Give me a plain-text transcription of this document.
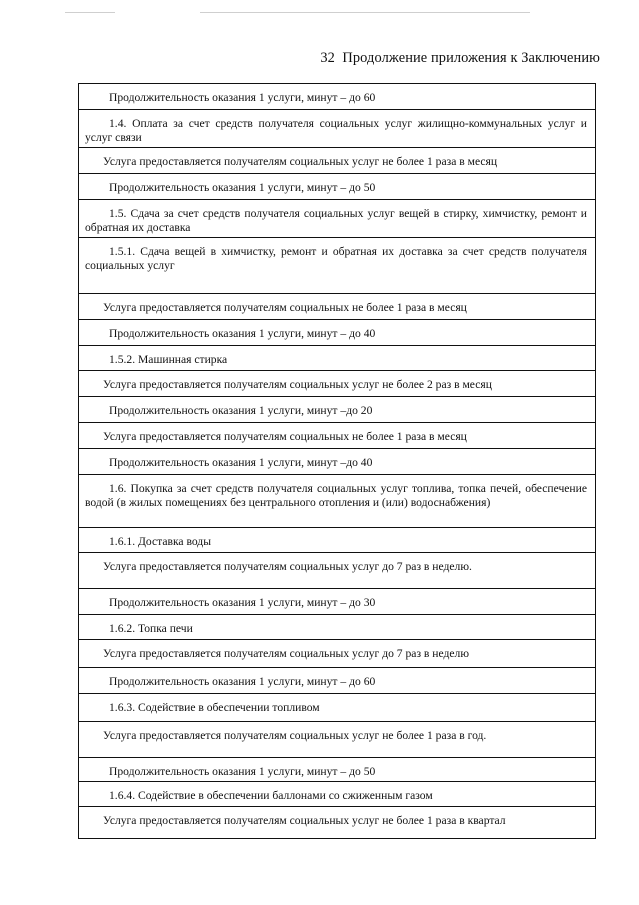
32 Продолжение приложения к Заключению
Продолжительность оказания 1 услуги, минут – до 60

1.4. Оплата за счет средств получателя социальных услуг жилищно-коммунальных услуг и услуг связи

Услуга предоставляется получателям социальных услуг не более 1 раза в месяц

Продолжительность оказания 1 услуги, минут – до 50

1.5. Сдача за счет средств получателя социальных услуг вещей в стирку, химчистку, ремонт и обратная их доставка

1.5.1. Сдача вещей в химчистку, ремонт и обратная их доставка за счет средств получателя социальных услуг

Услуга предоставляется получателям социальных не более 1 раза в месяц

Продолжительность оказания 1 услуги, минут – до 40

1.5.2. Машинная стирка

Услуга предоставляется получателям социальных услуг не более 2 раз в месяц

Продолжительность оказания 1 услуги, минут –до 20

Услуга предоставляется получателям социальных не более 1 раза в месяц

Продолжительность оказания 1 услуги, минут –до 40

1.6. Покупка за счет средств получателя социальных услуг топлива, топка печей, обеспечение водой (в жилых помещениях без центрального отопления и (или) водоснабжения)

1.6.1. Доставка воды

Услуга предоставляется получателям социальных услуг до 7 раз в неделю.

Продолжительность оказания 1 услуги, минут – до 30

1.6.2. Топка печи

Услуга предоставляется получателям социальных услуг до 7 раз в неделю

Продолжительность оказания 1 услуги, минут – до 60

1.6.3. Содействие в обеспечении топливом

Услуга предоставляется получателям социальных услуг не более 1 раза в год.

Продолжительность оказания 1 услуги, минут – до 50

1.6.4. Содействие в обеспечении баллонами со сжиженным газом

Услуга предоставляется получателям социальных услуг не более 1 раза в квартал
